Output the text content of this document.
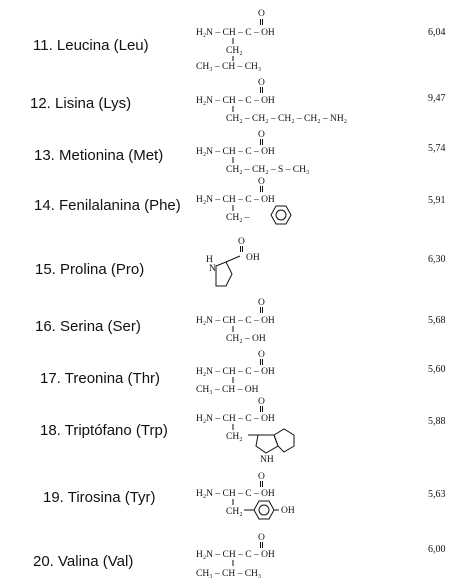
11. Leucina (Leu)
O
H₂N – CH – C – OH
CH₂
CH₃ – CH – CH₃
6,04
12. Lisina (Lys)
O
H₂N – CH – C – OH
CH₂ – CH₂ – CH₂ – CH₂ – NH₂
9,47
13. Metionina (Met)
O
H₂N – CH – C – OH
CH₂ – CH₂ – S – CH₃
5,74
14. Fenilalanina (Phe)
O
H₂N – CH – C – OH
CH₂ –
5,91
15. Prolina (Pro)
O
H
N
OH	6,30
16. Serina (Ser)
O
H₂N – CH – C – OH
CH₂ – OH
5,68
17. Treonina (Thr)
O
H₂N – CH – C – OH
CH₃ – CH – OH
5,60
18. Triptófano (Trp)
O
H₂N – CH – C – OH
CH₂
NH
5,88
19. Tirosina (Tyr)
O
H₂N – CH – C – OH
CH₂	OH
5,63
20. Valina (Val)
O
H₂N – CH – C – OH
CH₃ – CH – CH₃
6,00
